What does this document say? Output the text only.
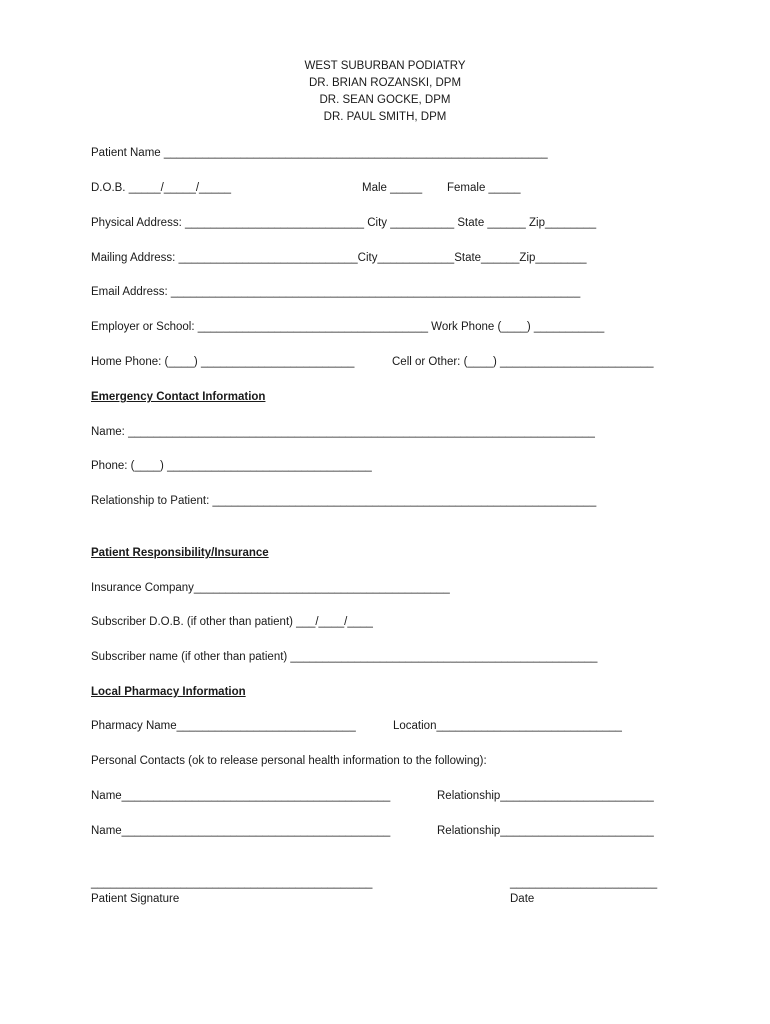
WEST SUBURBAN PODIATRY
DR. BRIAN ROZANSKI, DPM
DR. SEAN GOCKE, DPM
DR. PAUL SMITH, DPM
Patient Name ____________________________________________________________
D.O.B. _____/_____/_____	Male _____ Female _____
Physical Address: ____________________________ City __________ State ______ Zip________
Mailing Address: ____________________________City____________State______Zip________
Email Address: ________________________________________________________________
Employer or School: ____________________________________ Work Phone (____) ___________
Home Phone: (____) ________________________	Cell or Other: (____) ________________________
Emergency Contact Information
Name: _________________________________________________________________________
Phone: (____) ________________________________
Relationship to Patient: ____________________________________________________________
Patient Responsibility/Insurance
Insurance Company________________________________________
Subscriber D.O.B. (if other than patient) ___/____/____
Subscriber name (if other than patient) ________________________________________________
Local Pharmacy Information
Pharmacy Name____________________________	Location_____________________________
Personal Contacts (ok to release personal health information to the following):
Name__________________________________________	Relationship________________________
Name__________________________________________	Relationship________________________
____________________________________________
Patient Signature
_______________________
Date
